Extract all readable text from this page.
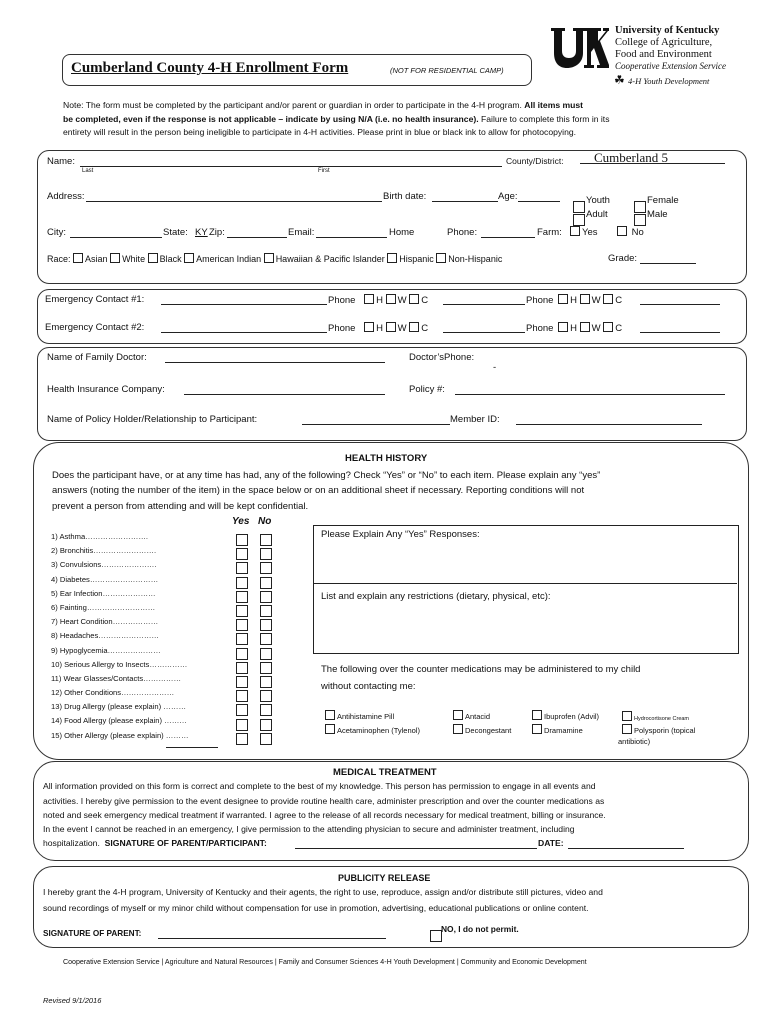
Cumberland County 4-H Enrollment Form	(NOT FOR RESIDENTIAL CAMP)
University of Kentucky
College of Agriculture,
Food and Environment
Cooperative Extension Service
☘ 4-H Youth Development
Note: The form must be completed by the participant and/or parent or guardian in order to participate in the 4-H program. All items must
be completed, even if the response is not applicable – indicate by using N/A (i.e. no health insurance). Failure to complete this form in its
entirety will result in the person being ineligible to participate in 4-H activities. Please print in blue or black ink to allow for photocopying.
Name:
Last	First
County/District: Cumberland 5
Address:	Birth date:	Age:	Youth
Adult
Female
Male
City:	State: KY Zip:	Email:	Home	Phone:	Farm:	Yes	No
Race: Asian White Black American Indian Hawaiian & Pacific Islander Hispanic Non-Hispanic	Grade:
Emergency Contact #1:	Phone H W C	Phone H W C
Emergency Contact #2:	Phone H W C	Phone H W C
Name of Family Doctor:	Doctor’sPhone:
-
Health Insurance Company:	Policy #:
Name of Policy Holder/Relationship to Participant:	Member ID:
HEALTH HISTORY
Does the participant have, or at any time has had, any of the following? Check “Yes” or “No” to each item. Please explain any “yes”
answers (noting the number of the item) in the space below or on an additional sheet if necessary. Reporting conditions will not
prevent a person from attending and will be kept confidential.
Yes No
1) Asthma…………………….
2) Bronchitis…………………….
3) Convulsions………………….
4) Diabetes………………………
5) Ear Infection…………………
6) Fainting………………………
7) Heart Condition………………
8) Headaches……………………
9) Hypoglycemia…………………
10) Serious Allergy to Insects……………
11) Wear Glasses/Contacts……………
12) Other Conditions…………………
13) Drug Allergy (please explain) ………
14) Food Allergy (please explain) ………
15) Other Allergy (please explain) ………
Please Explain Any “Yes” Responses:
List and explain any restrictions (dietary, physical, etc):
The following over the counter medications may be administered to my child
without contacting me:
Antihistamine Pill	Antacid	Ibuprofen (Advil)	Hydrocortisone Cream
Acetaminophen (Tylenol)	Decongestant	Dramamine	Polysporin (topical
antibiotic)
MEDICAL TREATMENT
All information provided on this form is correct and complete to the best of my knowledge. This person has permission to engage in all events and
activities. I hereby give permission to the event designee to provide routine health care, administer prescription and over the counter medications as
noted and seek emergency medical treatment if warranted. I agree to the release of all records necessary for medical treatment, billing or insurance.
In the event I cannot be reached in an emergency, I give permission to the attending physician to secure and administer treatment, including
hospitalization. SIGNATURE OF PARENT/PARTICIPANT:	DATE:
PUBLICITY RELEASE
I hereby grant the 4-H program, University of Kentucky and their agents, the right to use, reproduce, assign and/or distribute still pictures, video and
sound recordings of myself or my minor child without compensation for use in promotion, advertising, educational publications or online content.
SIGNATURE OF PARENT:	NO, I do not permit.
Cooperative Extension Service | Agriculture and Natural Resources | Family and Consumer Sciences 4-H Youth Development | Community and Economic Development
Revised 9/1/2016
